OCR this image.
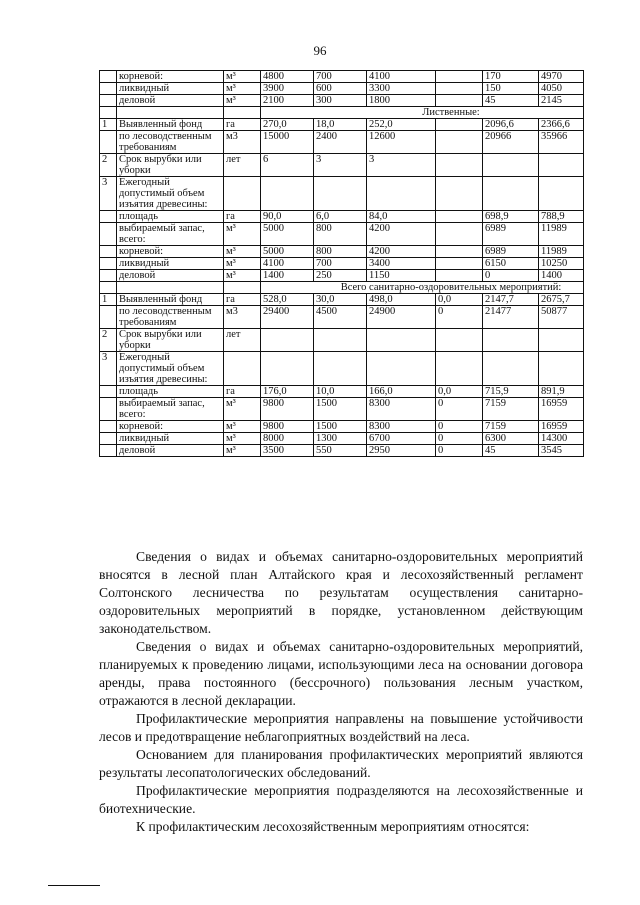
96
	корневой:	м³	4800	700	4100		170	4970
	ликвидный	м³	3900	600	3300		150	4050
	деловой	м³	2100	300	1800		45	2145
			Лиственные:					
1	Выявленный фонд	га	270,0	18,0	252,0		2096,6	2366,6
	по лесоводственным требованиям	м3	15000	2400	12600		20966	35966
2	Срок вырубки или уборки	лет	6	3	3			
3	Ежегодный допустимый объем изъятия древесины:							
	площадь	га	90,0	6,0	84,0		698,9	788,9
	выбираемый запас, всего:	м³	5000	800	4200		6989	11989
	корневой:	м³	5000	800	4200		6989	11989
	ликвидный	м³	4100	700	3400		6150	10250
	деловой	м³	1400	250	1150		0	1400
			Всего санитарно-оздоровительных мероприятий:					
1	Выявленный фонд	га	528,0	30,0	498,0	0,0	2147,7	2675,7
	по лесоводственным требованиям	м3	29400	4500	24900	0	21477	50877
2	Срок вырубки или уборки	лет						
3	Ежегодный допустимый объем изъятия древесины:							
	площадь	га	176,0	10,0	166,0	0,0	715,9	891,9
	выбираемый запас, всего:	м³	9800	1500	8300	0	7159	16959
	корневой:	м³	9800	1500	8300	0	7159	16959
	ликвидный	м³	8000	1300	6700	0	6300	14300
	деловой	м³	3500	550	2950	0	45	3545

Сведения о видах и объемах санитарно-оздоровительных мероприятий вносятся в лесной план Алтайского края и лесохозяйственный регламент Солтонского лесничества по результатам осуществления санитарно-оздоровительных мероприятий в порядке, установленном действующим законодательством.

Сведения о видах и объемах санитарно-оздоровительных мероприятий, планируемых к проведению лицами, использующими леса на основании договора аренды, права постоянного (бессрочного) пользования лесным участком, отражаются в лесной декларации.

Профилактические мероприятия направлены на повышение устойчивости лесов и предотвращение неблагоприятных воздействий на леса.

Основанием для планирования профилактических мероприятий являются результаты лесопатологических обследований.

Профилактические мероприятия подразделяются на лесохозяйственные и биотехнические.

К профилактическим лесохозяйственным мероприятиям относятся:
